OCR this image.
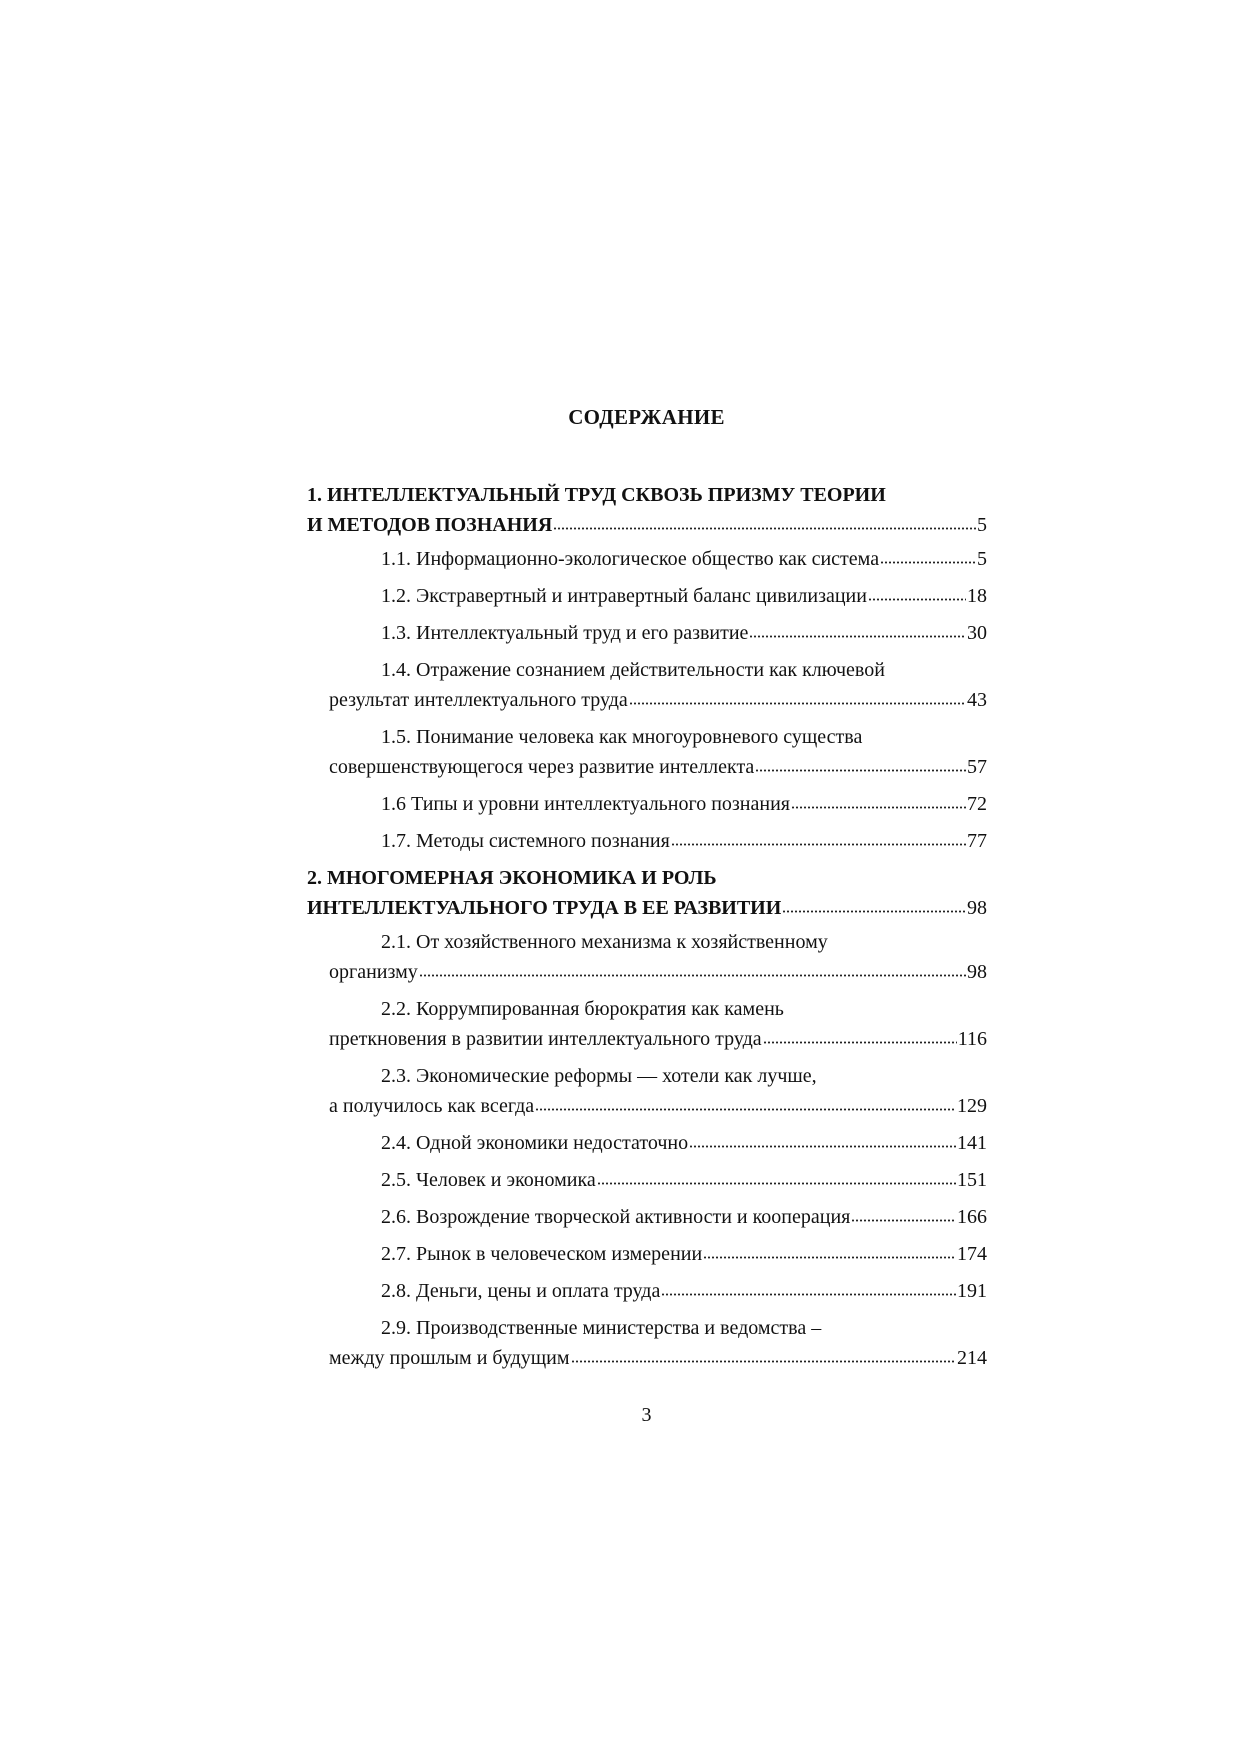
СОДЕРЖАНИЕ
1. ИНТЕЛЛЕКТУАЛЬНЫЙ ТРУД СКВОЗЬ ПРИЗМУ ТЕОРИИ
И МЕТОДОВ ПОЗНАНИЯ	5
1.1. Информационно-экологическое общество как система	5
1.2. Экстравертный и интравертный баланс цивилизации	18
1.3. Интеллектуальный труд и его развитие	30
1.4. Отражение сознанием действительности как ключевой
результат интеллектуального труда	43
1.5. Понимание человека как многоуровневого существа
совершенствующегося через развитие интеллекта	57
1.6 Типы и уровни интеллектуального познания	72
1.7. Методы системного познания	77
2. МНОГОМЕРНАЯ ЭКОНОМИКА И РОЛЬ
ИНТЕЛЛЕКТУАЛЬНОГО ТРУДА В ЕЕ РАЗВИТИИ	98
2.1. От хозяйственного механизма к хозяйственному
организму	98
2.2. Коррумпированная бюрократия как камень
преткновения в развитии интеллектуального труда	116
2.3. Экономические реформы — хотели как лучше,
а получилось как всегда	129
2.4. Одной экономики недостаточно	141
2.5. Человек и экономика	151
2.6. Возрождение творческой активности и кооперация	166
2.7. Рынок в человеческом измерении	174
2.8. Деньги, цены и оплата труда	191
2.9. Производственные министерства и ведомства –
между прошлым и будущим	214
3
